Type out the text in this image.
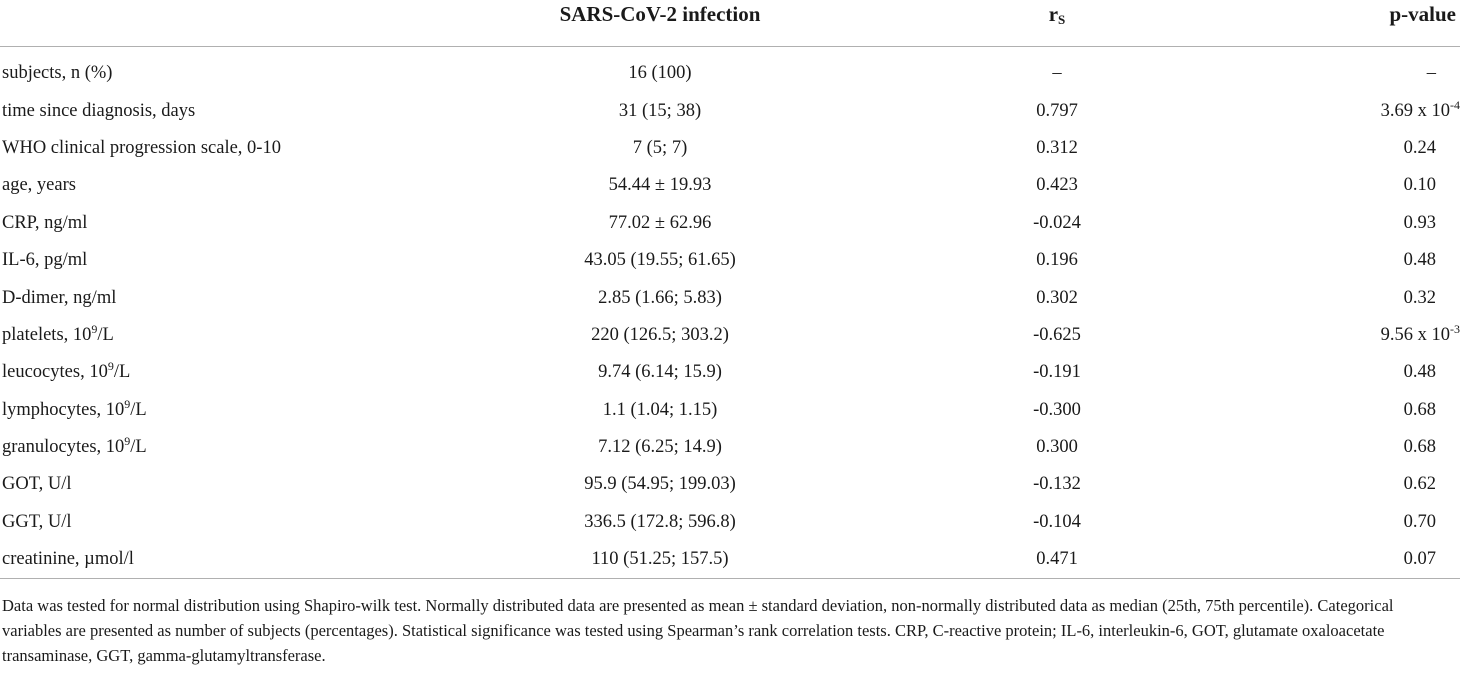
	SARS-CoV-2 infection	$r_S$	p-value

subjects, n (%)	16 (100)	–	–
time since diagnosis, days	31 (15; 38)	0.797	3.69 x $10^{-4}$
WHO clinical progression scale, 0-10	7 (5; 7)	0.312	0.24
age, years	54.44 ± 19.93	0.423	0.10
CRP, ng/ml	77.02 ± 62.96	-0.024	0.93
IL-6, pg/ml	43.05 (19.55; 61.65)	0.196	0.48
D-dimer, ng/ml	2.85 (1.66; 5.83)	0.302	0.32
platelets, $10^9/L$	220 (126.5; 303.2)	-0.625	9.56 x $10^{-3}$
leucocytes, $10^9/L$	9.74 (6.14; 15.9)	-0.191	0.48
lymphocytes, $10^9/L$	1.1 (1.04; 1.15)	-0.300	0.68
granulocytes, $10^9/L$	7.12 (6.25; 14.9)	0.300	0.68
GOT, U/l	95.9 (54.95; 199.03)	-0.132	0.62
GGT, U/l	336.5 (172.8; 596.8)	-0.104	0.70
creatinine, µmol/l	110 (51.25; 157.5)	0.471	0.07
Data was tested for normal distribution using Shapiro-wilk test. Normally distributed data are presented as mean ± standard deviation, non-normally distributed data as median (25th, 75th percentile). Categorical variables are presented as number of subjects (percentages). Statistical significance was tested using Spearman’s rank correlation tests. CRP, C-reactive protein; IL-6, interleukin-6, GOT, glutamate oxaloacetate transaminase, GGT, gamma-glutamyltransferase.
